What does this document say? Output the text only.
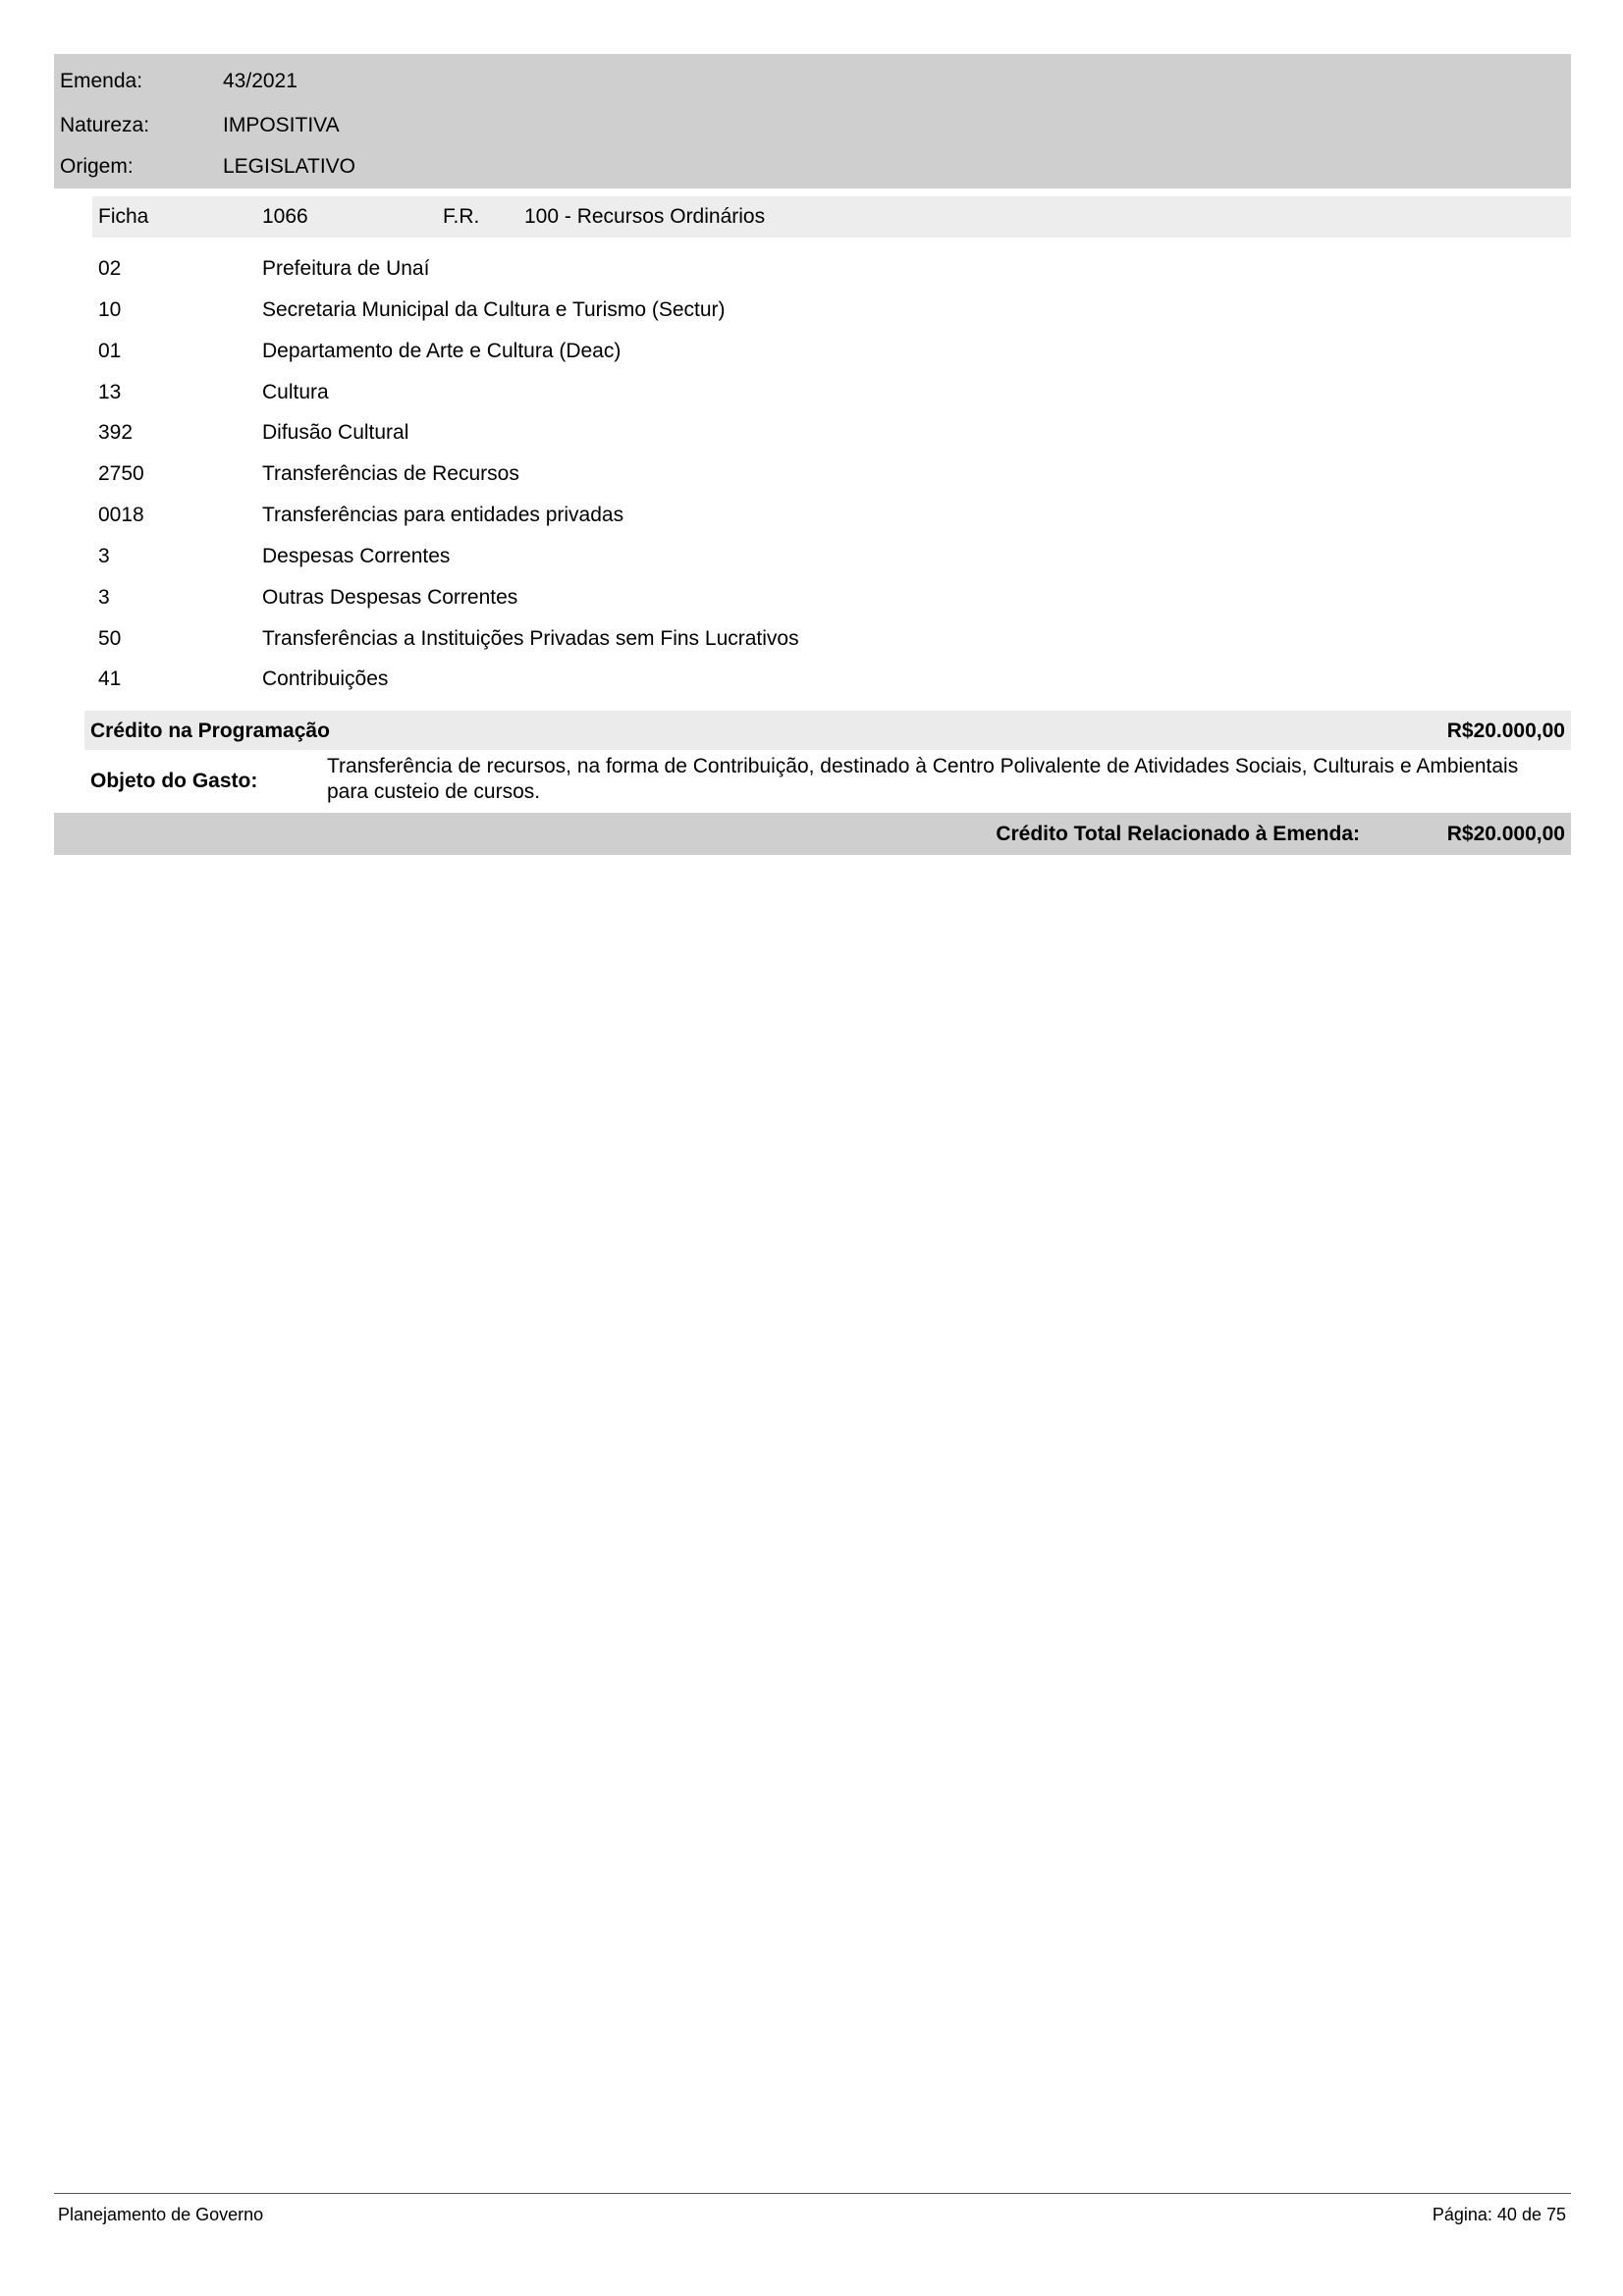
Emenda:	43/2021
Natureza:	IMPOSITIVA
Origem:	LEGISLATIVO
Ficha	1066	F.R. 100 - Recursos Ordinários
02	Prefeitura de Unaí
10	Secretaria Municipal da Cultura e Turismo (Sectur)
01	Departamento de Arte e Cultura (Deac)
13	Cultura
392	Difusão Cultural
2750	Transferências de Recursos
0018	Transferências para entidades privadas
3	Despesas Correntes
3	Outras Despesas Correntes
50	Transferências a Instituições Privadas sem Fins Lucrativos
41	Contribuições
Crédito na Programação	R$20.000,00
Objeto do Gasto:
Transferência de recursos, na forma de Contribuição, destinado à Centro Polivalente de Atividades Sociais, Culturais e Ambientais para custeio de cursos.
Crédito Total Relacionado à Emenda:	R$20.000,00
Planejamento de Governo	Página: 40 de 75
